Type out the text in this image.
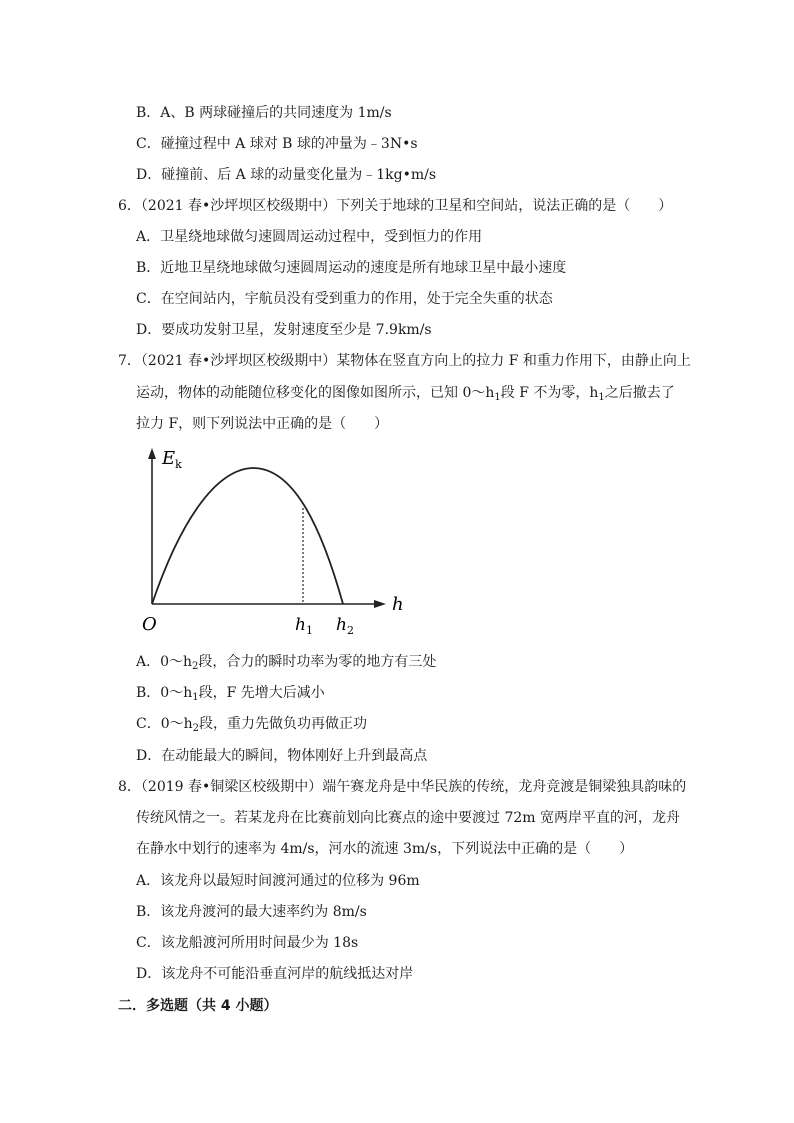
B．A、B 两球碰撞后的共同速度为 1m/s
C．碰撞过程中 A 球对 B 球的冲量为﹣3N•s
D．碰撞前、后 A 球的动量变化量为﹣1kg•m/s
6．（2021 春•沙坪坝区校级期中）下列关于地球的卫星和空间站，说法正确的是（　　）
A．卫星绕地球做匀速圆周运动过程中，受到恒力的作用
B．近地卫星绕地球做匀速圆周运动的速度是所有地球卫星中最小速度
C．在空间站内，宇航员没有受到重力的作用，处于完全失重的状态
D．要成功发射卫星，发射速度至少是 7.9km/s
7．（2021 春•沙坪坝区校级期中）某物体在竖直方向上的拉力 F 和重力作用下，由静止向上
运动，物体的动能随位移变化的图像如图所示，已知 $0\sim h_1$段 F 不为零，$h_1$之后撤去了
拉力 F，则下列说法中正确的是（　　）
$E_k$
h
O	$h_1$ $h_2$
A．$0\sim h_2$段，合力的瞬时功率为零的地方有三处
B．$0\sim h_1$段，F 先增大后减小
C．$0\sim h_2$段，重力先做负功再做正功
D．在动能最大的瞬间，物体刚好上升到最高点
8．（2019 春•铜梁区校级期中）端午赛龙舟是中华民族的传统，龙舟竞渡是铜梁独具韵味的
传统风情之一。若某龙舟在比赛前划向比赛点的途中要渡过 72m 宽两岸平直的河，龙舟
在静水中划行的速率为 4m/s，河水的流速 3m/s，下列说法中正确的是（　　）
A．该龙舟以最短时间渡河通过的位移为 96m
B．该龙舟渡河的最大速率约为 8m/s
C．该龙船渡河所用时间最少为 18s
D．该龙舟不可能沿垂直河岸的航线抵达对岸
二．多选题（共 4 小题）
